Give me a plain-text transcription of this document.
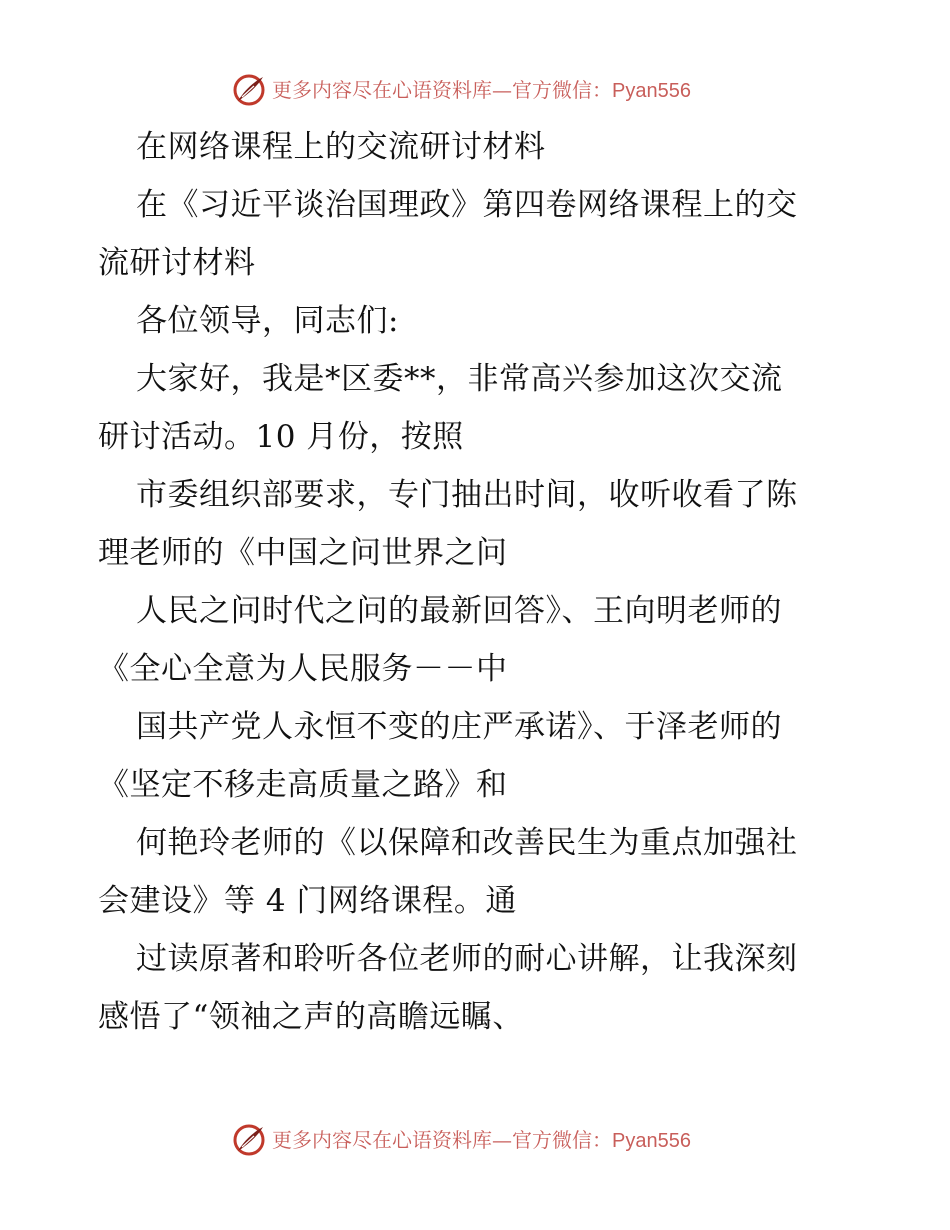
更多内容尽在心语资料库—官方微信：Pyan556
在网络课程上的交流研讨材料
在《习近平谈治国理政》第四卷网络课程上的交
流研讨材料
各位领导，同志们:
大家好，我是*区委**，非常高兴参加这次交流
研讨活动。10 月份，按照
市委组织部要求，专门抽出时间，收听收看了陈
理老师的《中国之问世界之问
人民之问时代之问的最新回答》、王向明老师的
《全心全意为人民服务－－中
国共产党人永恒不变的庄严承诺》、于泽老师的
《坚定不移走高质量之路》和
何艳玲老师的《以保障和改善民生为重点加强社
会建设》等 4 门网络课程。通
过读原著和聆听各位老师的耐心讲解，让我深刻
感悟了“领袖之声的高瞻远瞩、
更多内容尽在心语资料库—官方微信：Pyan556
